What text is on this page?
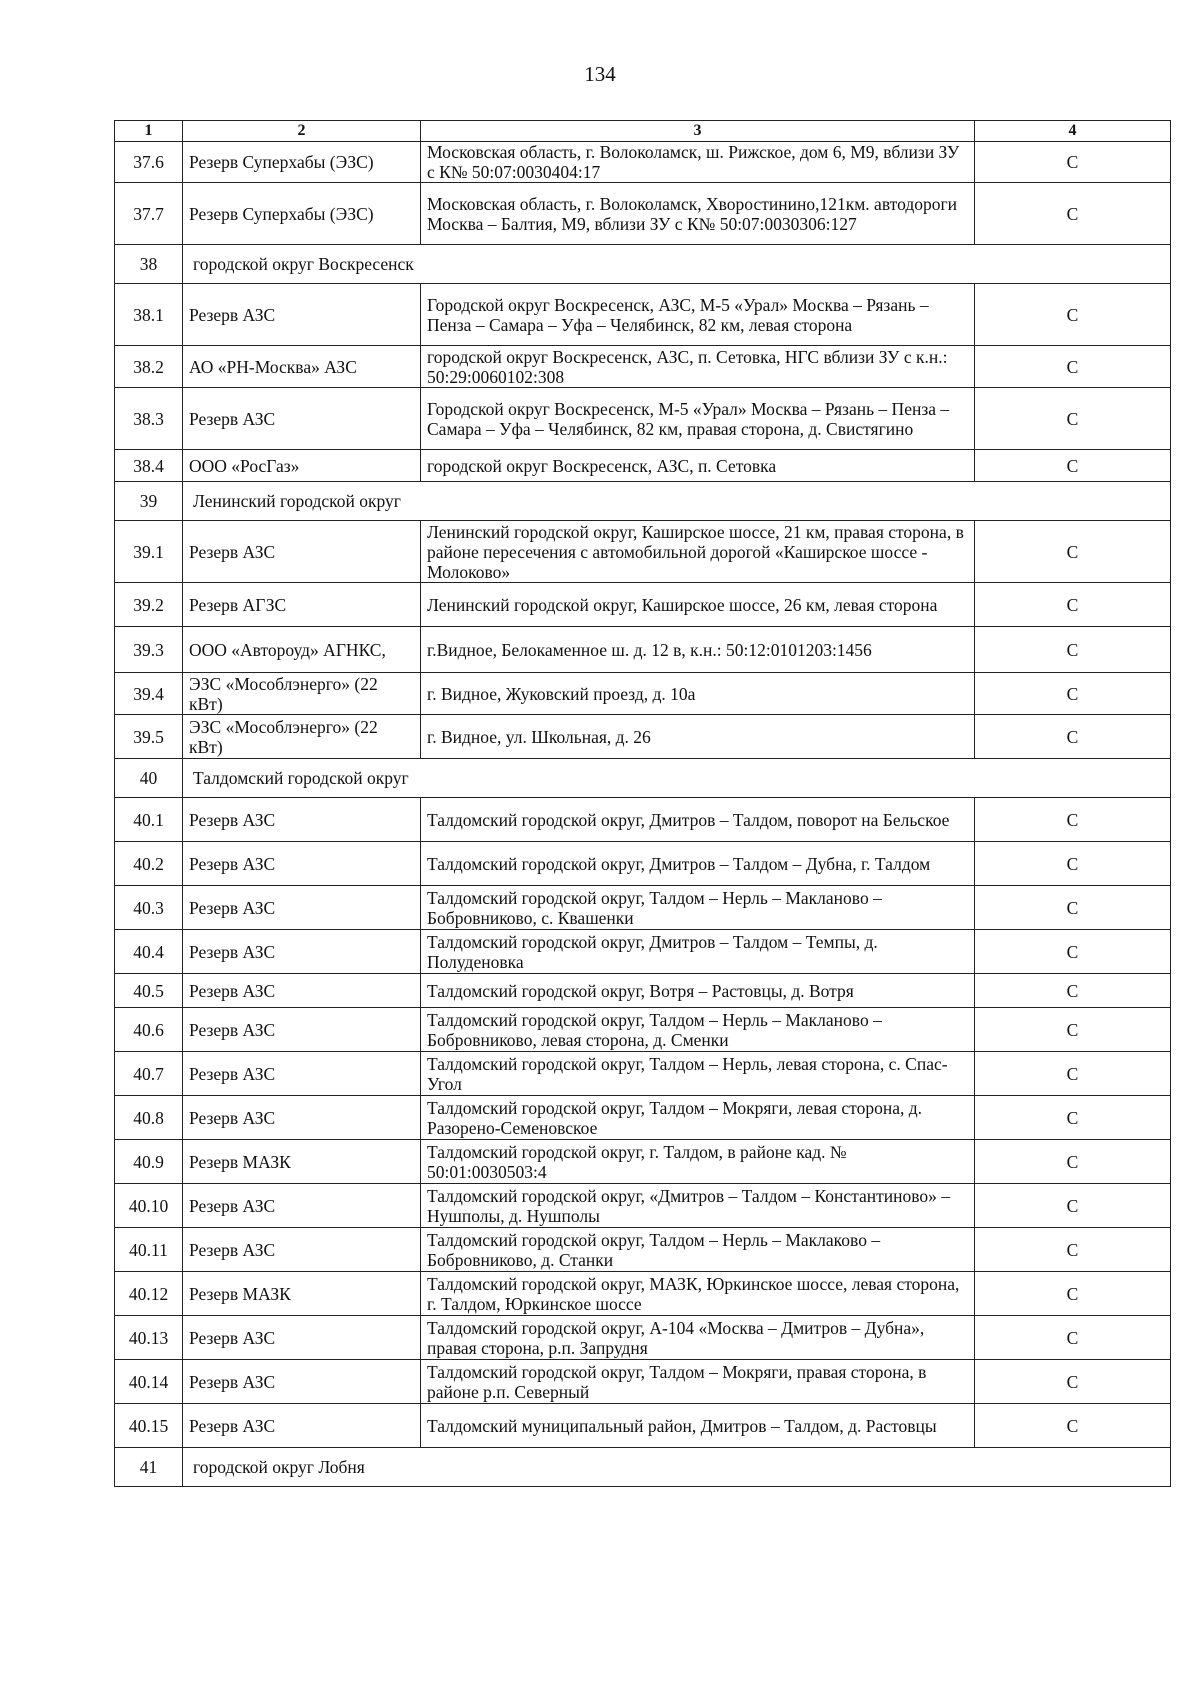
134
1	2	3	4
37.6	Резерв Суперхабы (ЭЗС)	Московская область, г. Волоколамск, ш. Рижское, дом 6, М9, вблизи ЗУ с К№ 50:07:0030404:17	С
37.7	Резерв Суперхабы (ЭЗС)	Московская область, г. Волоколамск, Хворостинино,121км. автодороги Москва – Балтия, М9, вблизи ЗУ с К№ 50:07:0030306:127	С
38	городской округ Воскресенск		
38.1	Резерв АЗС	Городской округ Воскресенск, АЗС, М-5 «Урал» Москва – Рязань – Пенза – Самара – Уфа – Челябинск, 82 км, левая сторона	С
38.2	АО «РН-Москва» АЗС	городской округ Воскресенск, АЗС, п. Сетовка, НГС вблизи ЗУ с к.н.: 50:29:0060102:308	С
38.3	Резерв АЗС	Городской округ Воскресенск, М-5 «Урал» Москва – Рязань – Пенза – Самара – Уфа – Челябинск, 82 км, правая сторона, д. Свистягино	С
38.4	ООО «РосГаз»	городской округ Воскресенск, АЗС, п. Сетовка	С
39	Ленинский городской округ		
39.1	Резерв АЗС	Ленинский городской округ, Каширское шоссе, 21 км, правая сторона, в районе пересечения с автомобильной дорогой «Каширское шоссе - Молоково»	С
39.2	Резерв АГЗС	Ленинский городской округ, Каширское шоссе, 26 км, левая сторона	С
39.3	ООО «Автороуд» АГНКС,	г.Видное, Белокаменное ш. д. 12 в, к.н.: 50:12:0101203:1456	С
39.4	ЭЗС «Мособлэнерго» (22 кВт)	г. Видное, Жуковский проезд, д. 10а	С
39.5	ЭЗС «Мособлэнерго» (22 кВт)	г. Видное, ул. Школьная, д. 26	С
40	Талдомский городской округ		
40.1	Резерв АЗС	Талдомский городской округ, Дмитров – Талдом, поворот на Бельское	С
40.2	Резерв АЗС	Талдомский городской округ, Дмитров – Талдом – Дубна, г. Талдом	С
40.3	Резерв АЗС	Талдомский городской округ, Талдом – Нерль – Макланово – Бобровниково, с. Квашенки	С
40.4	Резерв АЗС	Талдомский городской округ, Дмитров – Талдом – Темпы, д. Полуденовка	С
40.5	Резерв АЗС	Талдомский городской округ, Вотря – Растовцы, д. Вотря	С
40.6	Резерв АЗС	Талдомский городской округ, Талдом – Нерль – Макланово – Бобровниково, левая сторона, д. Сменки	С
40.7	Резерв АЗС	Талдомский городской округ, Талдом – Нерль, левая сторона, с. Спас-Угол	С
40.8	Резерв АЗС	Талдомский городской округ, Талдом – Мокряги, левая сторона, д. Разорено-Семеновское	С
40.9	Резерв МАЗК	Талдомский городской округ, г. Талдом, в районе кад. № 50:01:0030503:4	С
40.10	Резерв АЗС	Талдомский городской округ, «Дмитров – Талдом – Константиново» – Нушполы, д. Нушполы	С
40.11	Резерв АЗС	Талдомский городской округ, Талдом – Нерль – Маклаково – Бобровниково, д. Станки	С
40.12	Резерв МАЗК	Талдомский городской округ, МАЗК, Юркинское шоссе, левая сторона, г. Талдом, Юркинское шоссе	С
40.13	Резерв АЗС	Талдомский городской округ, А-104 «Москва – Дмитров – Дубна», правая сторона, р.п. Запрудня	С
40.14	Резерв АЗС	Талдомский городской округ, Талдом – Мокряги, правая сторона, в районе р.п. Северный	С
40.15	Резерв АЗС	Талдомский муниципальный район, Дмитров – Талдом, д. Растовцы	С
41	городской округ Лобня		
